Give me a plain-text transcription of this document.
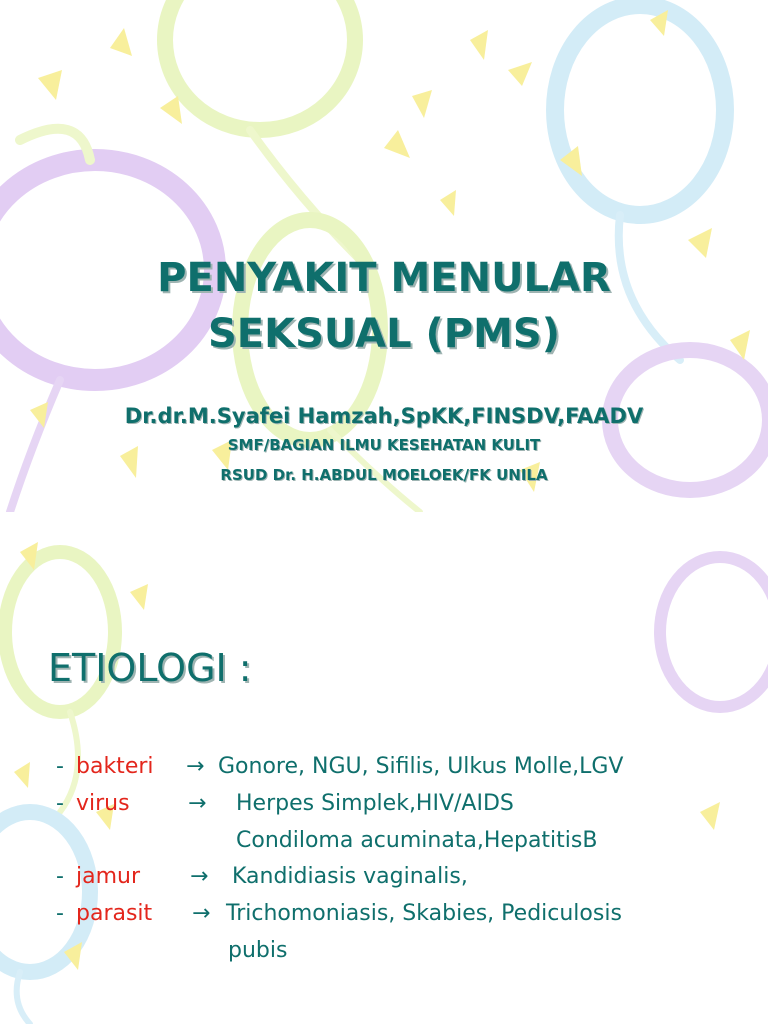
PENYAKIT MENULAR
SEKSUAL (PMS)
Dr.dr.M.Syafei Hamzah,SpKK,FINSDV,FAADV
SMF/BAGIAN ILMU KESEHATAN KULIT
RSUD Dr. H.ABDUL MOELOEK/FK UNILA
ETIOLOGI :
- bakteri → Gonore, NGU, Sifilis, Ulkus Molle,LGV
- virus	→ Herpes Simplek,HIV/AIDS
Condiloma acuminata,HepatitisB
- jamur → Kandidiasis vaginalis,
- parasit → Trichomoniasis, Skabies, Pediculosis
pubis
